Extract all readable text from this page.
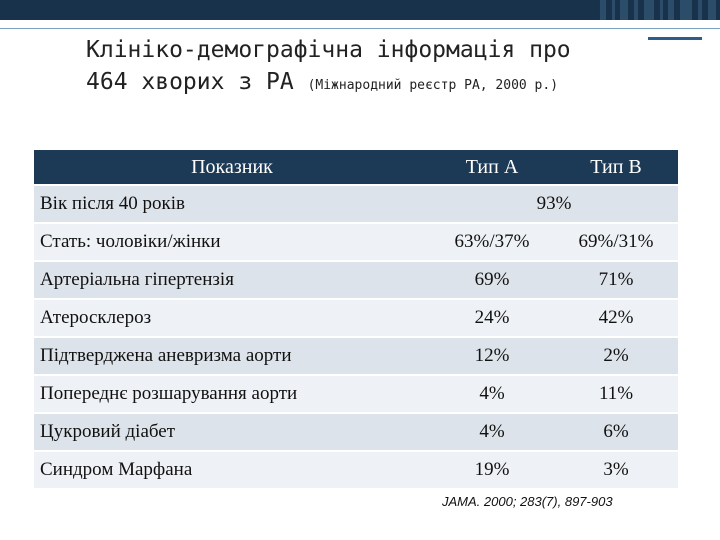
Клініко-демографічна інформація про
464 хворих з РА (Міжнародний реєстр РА, 2000 р.)
Показник	Тип А	Тип В
Вік після 40 років	93%	
Стать: чоловіки/жінки	63%/37%	69%/31%
Артеріальна гіпертензія	69%	71%
Атеросклероз	24%	42%
Підтверджена аневризма аорти	12%	2%
Попереднє розшарування аорти	4%	11%
Цукровий діабет	4%	6%
Синдром Марфана	19%	3%
JAMA. 2000; 283(7), 897-903
